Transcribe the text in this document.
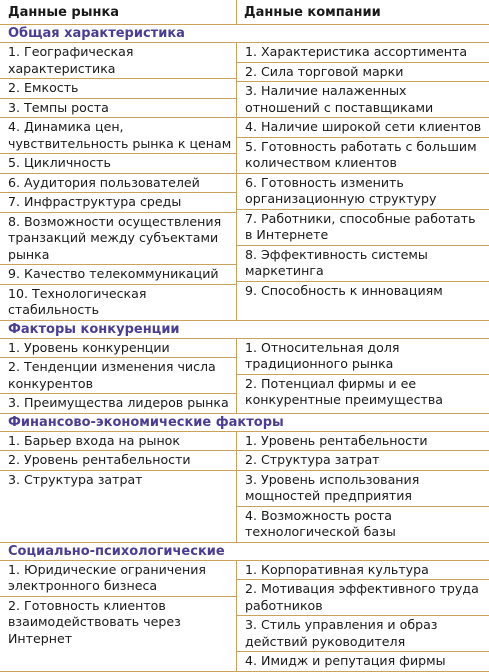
Данные рынка	Данные компании
Общая характеристика
1. Географическая характеристика
2. Емкость
3. Темпы роста
4. Динамика цен, чувствительность рынка к ценам
5. Цикличность
6. Аудитория пользователей
7. Инфраструктура среды
8. Возможности осуществления транзакций между субъектами рынка
9. Качество телекоммуникаций
10. Технологическая стабильность
1. Характеристика ассортимента
2. Сила торговой марки
3. Наличие налаженных отношений с поставщиками
4. Наличие широкой сети клиентов
5. Готовность работать с большим количеством клиентов
6. Готовность изменить организационную структуру
7. Работники, способные работать в Интернете
8. Эффективность системы маркетинга
9. Способность к инновациям
Факторы конкуренции
1. Уровень конкуренции
2. Тенденции изменения числа конкурентов
3. Преимущества лидеров рынка
1. Относительная доля традиционного рынка
2. Потенциал фирмы и ее конкурентные преимущества
Финансово-экономические факторы
1. Барьер входа на рынок
2. Уровень рентабельности
3. Структура затрат
1. Уровень рентабельности
2. Структура затрат
3. Уровень использования мощностей предприятия
4. Возможность роста технологической базы
Социально-психологические
1. Юридические ограничения электронного бизнеса
2. Готовность клиентов взаимодействовать через Интернет
1. Корпоративная культура
2. Мотивация эффективного труда работников
3. Стиль управления и образ действий руководителя
4. Имидж и репутация фирмы
